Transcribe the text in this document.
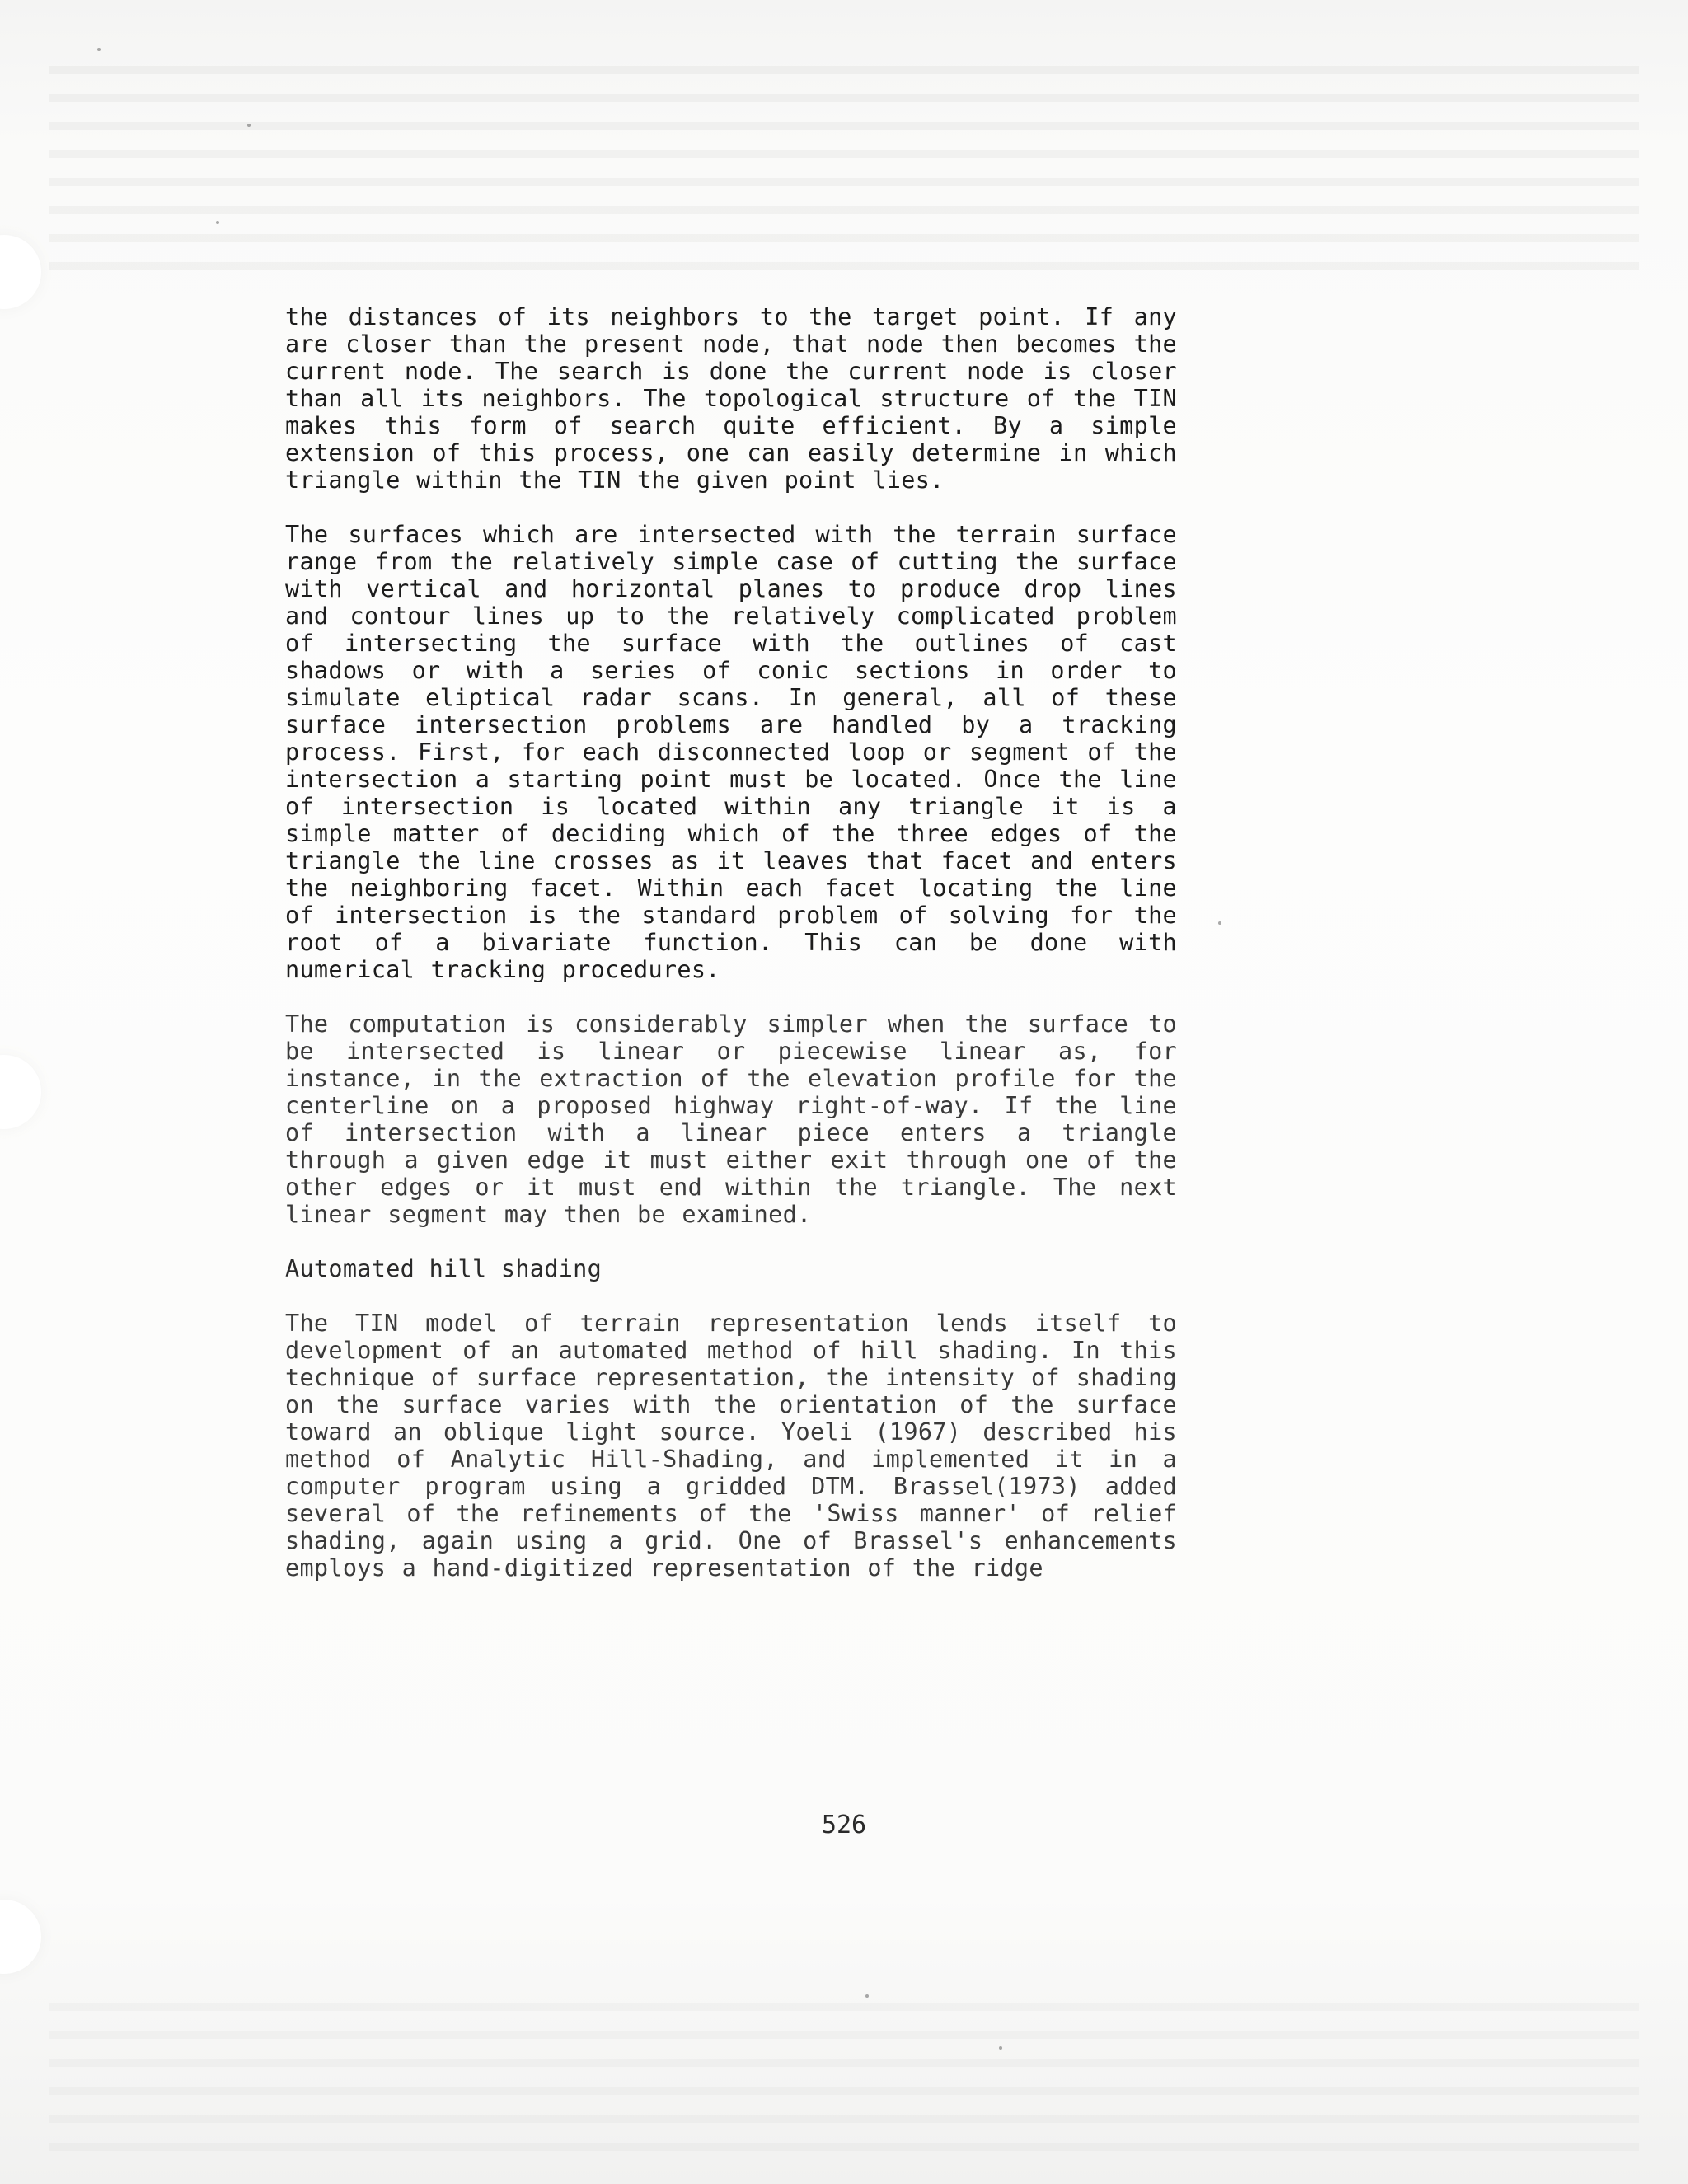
the distances of its neighbors to the target point. If any are closer than the present node, that node then becomes the current node. The search is done the current node is closer than all its neighbors. The topological structure of the TIN makes this form of search quite efficient. By a simple extension of this process, one can easily determine in which triangle within the TIN the given point lies.

The surfaces which are intersected with the terrain surface range from the relatively simple case of cutting the surface with vertical and horizontal planes to produce drop lines and contour lines up to the relatively complicated problem of intersecting the surface with the outlines of cast shadows or with a series of conic sections in order to simulate eliptical radar scans. In general, all of these surface intersection problems are handled by a tracking process. First, for each disconnected loop or segment of the intersection a starting point must be located. Once the line of intersection is located within any triangle it is a simple matter of deciding which of the three edges of the triangle the line crosses as it leaves that facet and enters the neighboring facet. Within each facet locating the line of intersection is the standard problem of solving for the root of a bivariate function. This can be done with numerical tracking procedures.

The computation is considerably simpler when the surface to be intersected is linear or piecewise linear as, for instance, in the extraction of the elevation profile for the centerline on a proposed highway right-of-way. If the line of intersection with a linear piece enters a triangle through a given edge it must either exit through one of the other edges or it must end within the triangle. The next linear segment may then be examined.

Automated hill shading

The TIN model of terrain representation lends itself to development of an automated method of hill shading. In this technique of surface representation, the intensity of shading on the surface varies with the orientation of the surface toward an oblique light source. Yoeli (1967) described his method of Analytic Hill-Shading, and implemented it in a computer program using a gridded DTM. Brassel(1973) added several of the refinements of the 'Swiss manner' of relief shading, again using a grid. One of Brassel's enhancements employs a hand-digitized representation of the ridge

526
